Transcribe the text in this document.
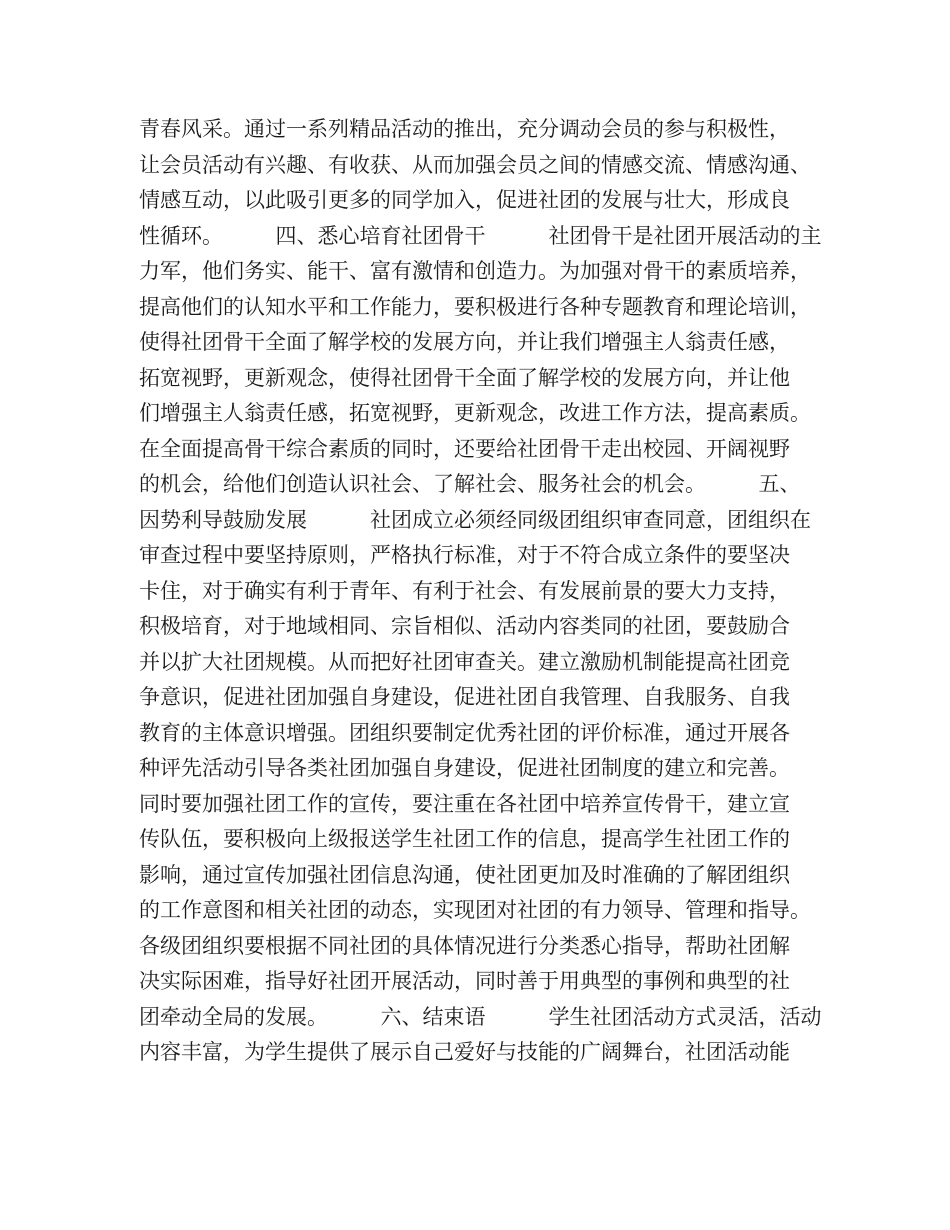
青春风采。通过一系列精品活动的推出，充分调动会员的参与积极性，
让会员活动有兴趣、有收获、从而加强会员之间的情感交流、情感沟通、
情感互动，以此吸引更多的同学加入，促进社团的发展与壮大，形成良
性循环。　　　四、悉心培育社团骨干　　　社团骨干是社团开展活动的主
力军，他们务实、能干、富有激情和创造力。为加强对骨干的素质培养，
提高他们的认知水平和工作能力，要积极进行各种专题教育和理论培训，
使得社团骨干全面了解学校的发展方向，并让我们增强主人翁责任感，
拓宽视野，更新观念，使得社团骨干全面了解学校的发展方向，并让他
们增强主人翁责任感，拓宽视野，更新观念，改进工作方法，提高素质。
在全面提高骨干综合素质的同时，还要给社团骨干走出校园、开阔视野
的机会，给他们创造认识社会、了解社会、服务社会的机会。　　　五、
因势利导鼓励发展　　　社团成立必须经同级团组织审查同意，团组织在
审查过程中要坚持原则，严格执行标准，对于不符合成立条件的要坚决
卡住，对于确实有利于青年、有利于社会、有发展前景的要大力支持，
积极培育，对于地域相同、宗旨相似、活动内容类同的社团，要鼓励合
并以扩大社团规模。从而把好社团审查关。建立激励机制能提高社团竞
争意识，促进社团加强自身建设，促进社团自我管理、自我服务、自我
教育的主体意识增强。团组织要制定优秀社团的评价标准，通过开展各
种评先活动引导各类社团加强自身建设，促进社团制度的建立和完善。
同时要加强社团工作的宣传，要注重在各社团中培养宣传骨干，建立宣
传队伍，要积极向上级报送学生社团工作的信息，提高学生社团工作的
影响，通过宣传加强社团信息沟通，使社团更加及时准确的了解团组织
的工作意图和相关社团的动态，实现团对社团的有力领导、管理和指导。
各级团组织要根据不同社团的具体情况进行分类悉心指导，帮助社团解
决实际困难，指导好社团开展活动，同时善于用典型的事例和典型的社
团牵动全局的发展。　　　六、结束语　　　学生社团活动方式灵活，活动
内容丰富，为学生提供了展示自己爱好与技能的广阔舞台，社团活动能
